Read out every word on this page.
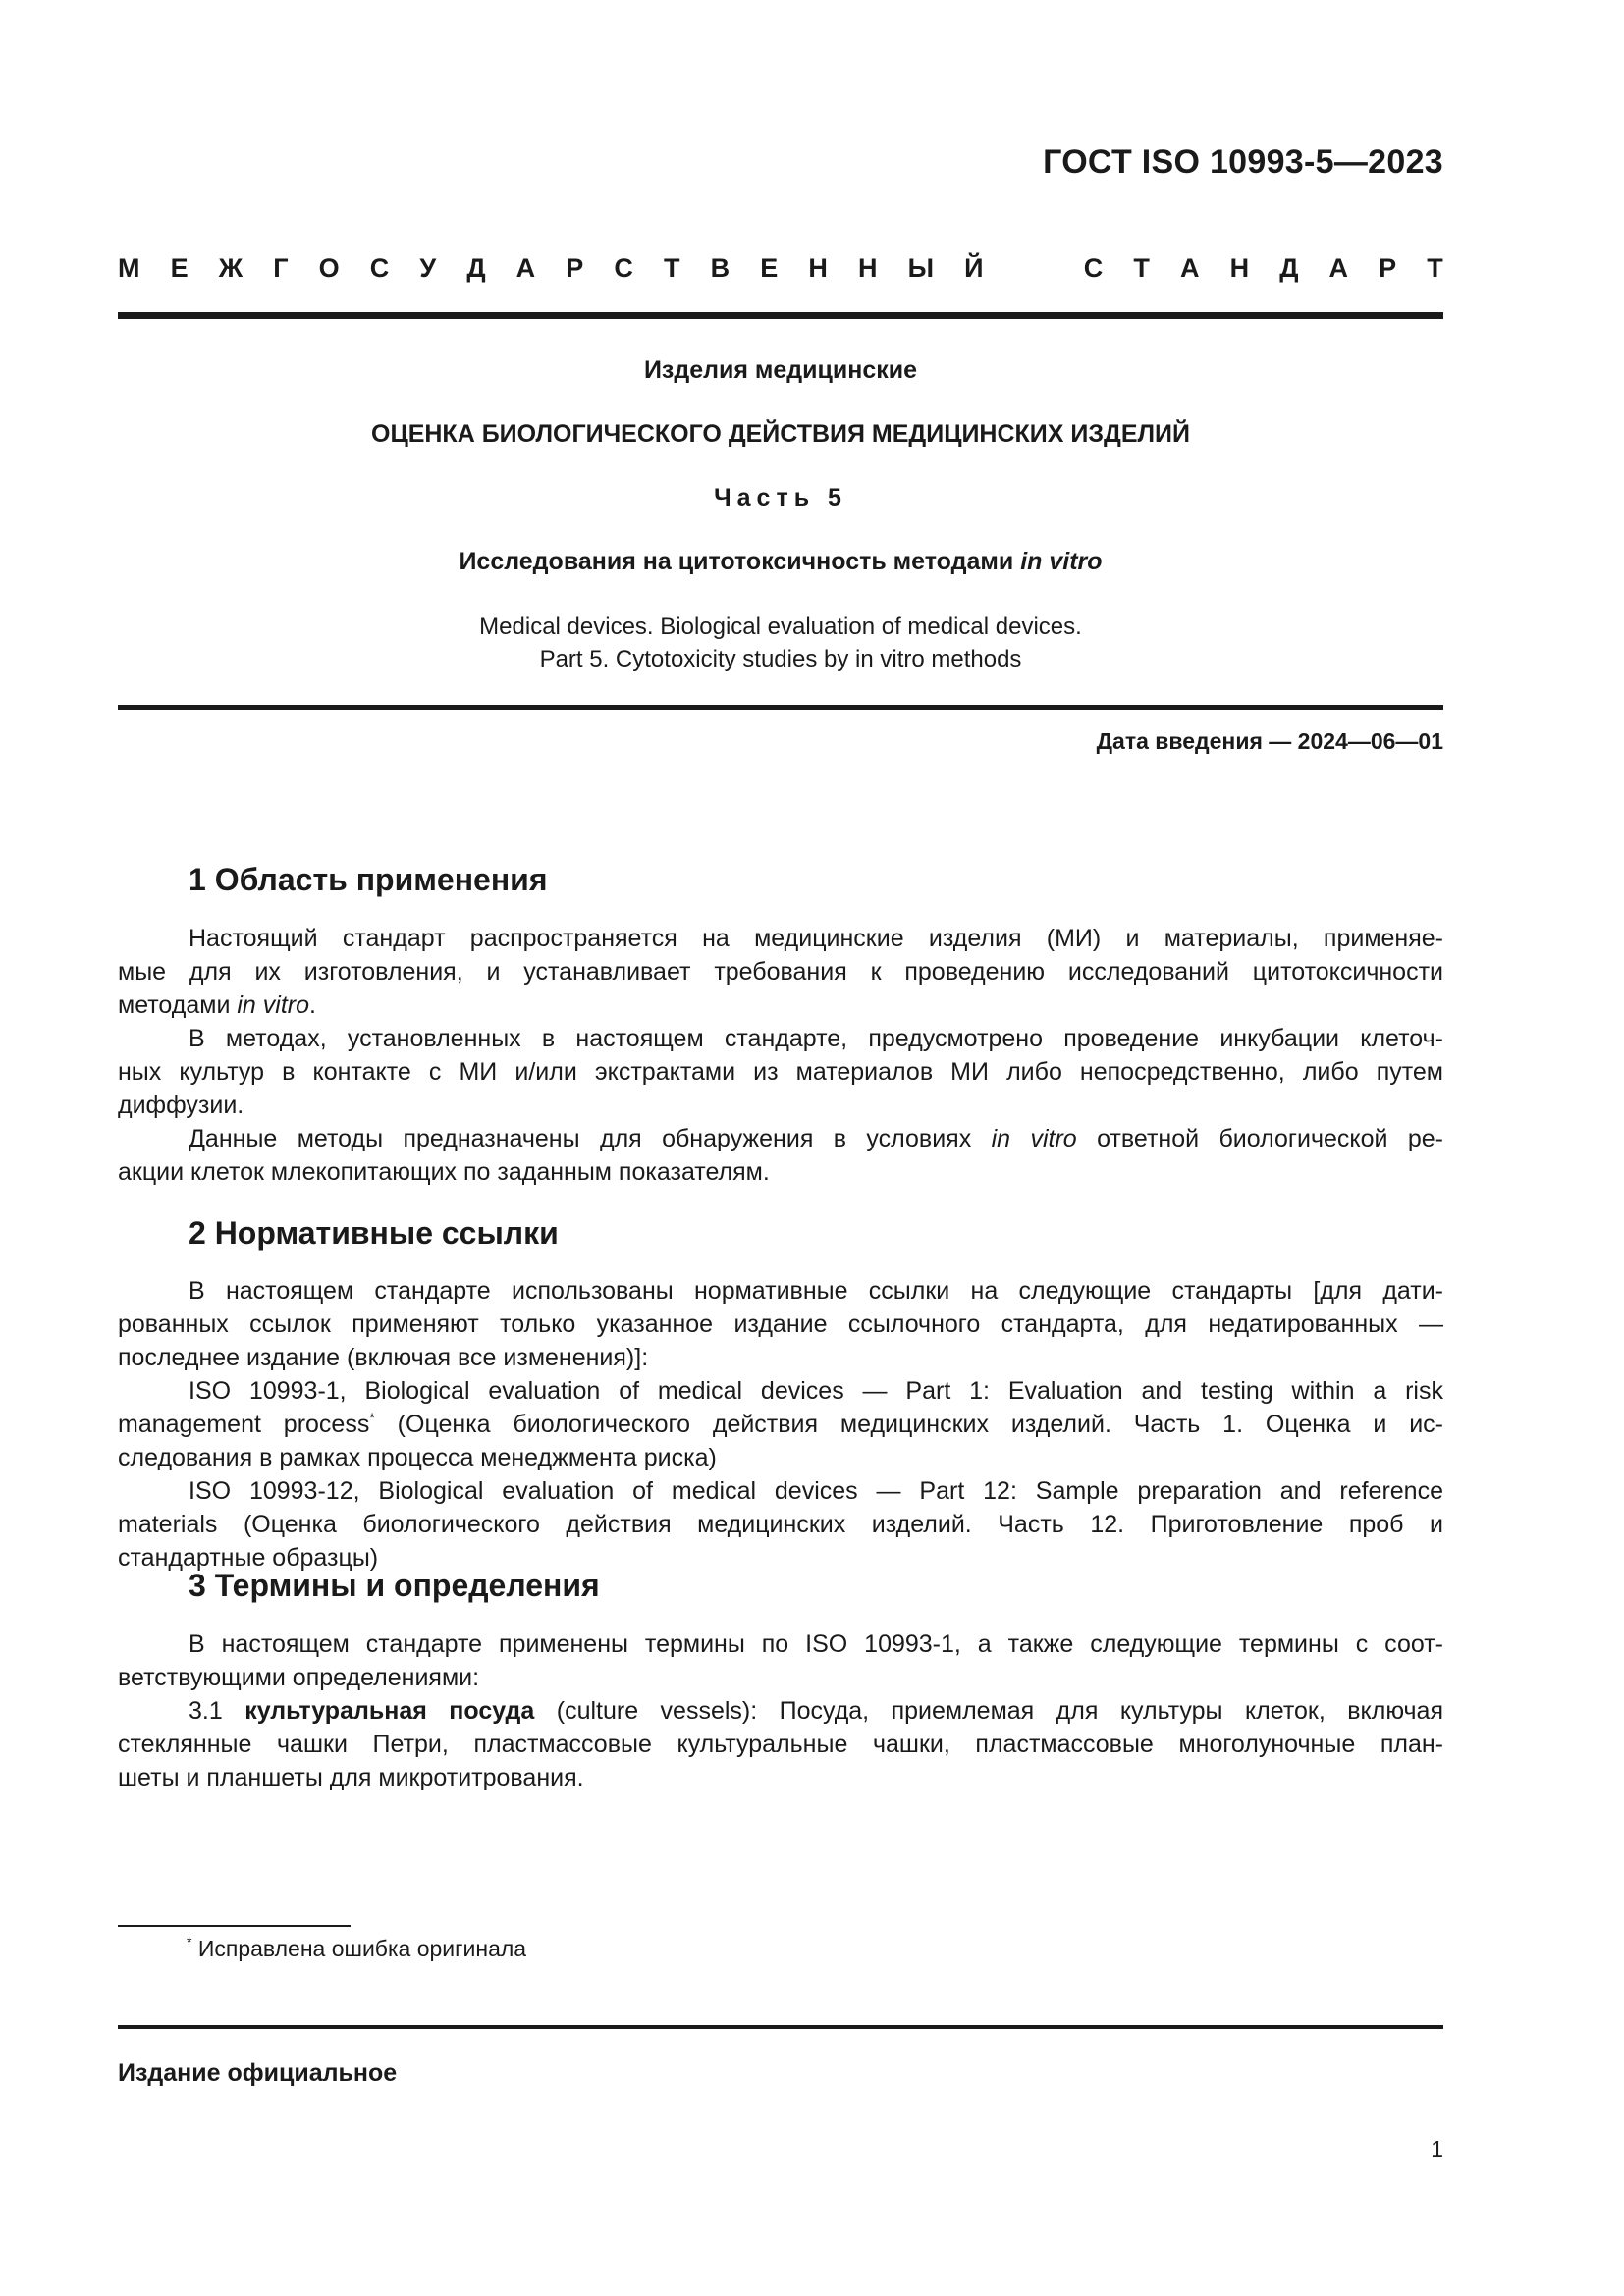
ГОСТ ISO 10993-5—2023
М Е Ж Г О С У Д А Р С Т В Е Н Н Ы Й	С Т А Н Д А Р Т
Изделия медицинские
ОЦЕНКА БИОЛОГИЧЕСКОГО ДЕЙСТВИЯ МЕДИЦИНСКИХ ИЗДЕЛИЙ
Часть 5
Исследования на цитотоксичность методами in vitro
Medical devices. Biological evaluation of medical devices.
Part 5. Cytotoxicity studies by in vitro methods
Дата введения — 2024—06—01
1 Область применения
Настоящий стандарт распространяется на медицинские изделия (МИ) и материалы, применяе-
мые для их изготовления, и устанавливает требования к проведению исследований цитотоксичности
методами in vitro.
В методах, установленных в настоящем стандарте, предусмотрено проведение инкубации клеточ-
ных культур в контакте с МИ и/или экстрактами из материалов МИ либо непосредственно, либо путем
диффузии.
Данные методы предназначены для обнаружения в условиях in vitro ответной биологической ре-
акции клеток млекопитающих по заданным показателям.
2 Нормативные ссылки
В настоящем стандарте использованы нормативные ссылки на следующие стандарты [для дати-
рованных ссылок применяют только указанное издание ссылочного стандарта, для недатированных —
последнее издание (включая все изменения)]:
ISO 10993-1, Biological evaluation of medical devices — Part 1: Evaluation and testing within a risk
management process* (Оценка биологического действия медицинских изделий. Часть 1. Оценка и ис-
следования в рамках процесса менеджмента риска)
ISO 10993-12, Biological evaluation of medical devices — Part 12: Sample preparation and reference
materials (Оценка биологического действия медицинских изделий. Часть 12. Приготовление проб и
стандартные образцы)
3 Термины и определения
В настоящем стандарте применены термины по ISO 10993-1, а также следующие термины с соот-
ветствующими определениями:
3.1 культуральная посуда (culture vessels): Посуда, приемлемая для культуры клеток, включая
стеклянные чашки Петри, пластмассовые культуральные чашки, пластмассовые многолуночные план-
шеты и планшеты для микротитрования.
* Исправлена ошибка оригинала
Издание официальное
1
